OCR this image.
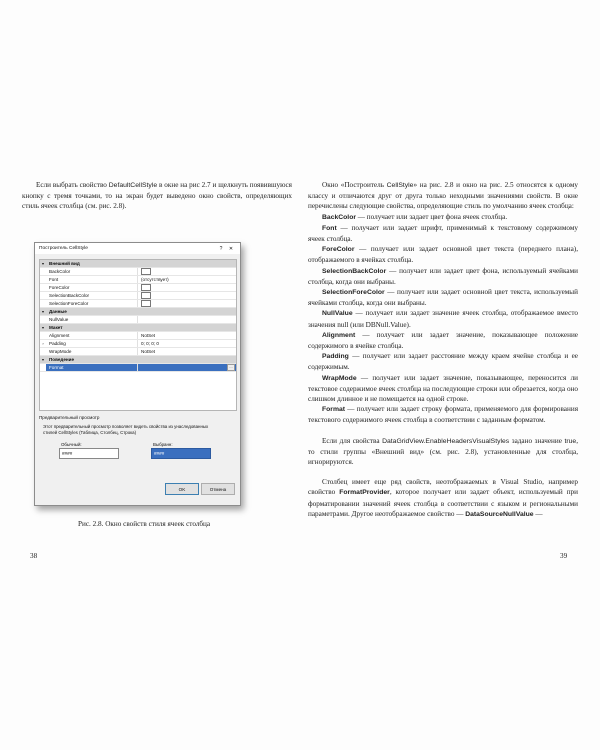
Если выбрать свойство DefaultCellStyle в окне на рис 2.7 и щелкнуть появившуюся кнопку с тремя точками, то на экран будет выведено окно свойств, определяющих стиль ячеек столбца (см. рис. 2.8).

Построитель CellStyle	?	✕
▾	Внешний вид
BackColor
Font	(отсутствует)
ForeColor
SelectionBackColor
SelectionForeColor
▾	Данные
NullValue
▾	Макет
Alignment	NotSet
›	Padding	0; 0; 0; 0
WrapMode	NotSet
▾	Поведение
Format	…
Предварительный просмотр
Этот предварительный просмотр позволяет видеть свойства из унаследованных стилей CellStyles (Таблица, Столбец, Строка)
Обычный:	Выбранн:
####	####
OK	Отмена
Рис. 2.8. Окно свойств стиля ячеек столбца

Окно «Построитель CellStyle» на рис. 2.8 и окно на рис. 2.5 относятся к одному классу и отличаются друг от друга только неходными значениями свойств. В окне перечислены следующие свойства, определяющие стиль по умолчанию ячеек столбца:

BackColor — получает или задает цвет фона ячеек столбца.

Font — получает или задает шрифт, применимый к текстовому содержимому ячеек столбца.

ForeColor — получает или задает основной цвет текста (переднего плана), отображаемого в ячейках столбца.

SelectionBackColor — получает или задает цвет фона, используемый ячейками столбца, когда они выбраны.

SelectionForeColor — получает или задает основной цвет текста, используемый ячейками столбца, когда они выбраны.

NullValue — получает или задает значение ячеек столбца, отображаемое вместо значения null (или DBNull.Value).

Alignment — получает или задает значение, показывающее положение содержимого в ячейке столбца.

Padding — получает или задает расстояние между краем ячейке столбца и ее содержимым.

WrapMode — получает или задает значение, показывающее, переносится ли текстовое содержимое ячеек столбца на последующие строки или обрезается, когда оно слишком длинное и не помещается на одной строке.

Format — получает или задает строку формата, применяемого для формирования текстового содержимого ячеек столбца в соответствии с заданным форматом.

Если для свойства DataGridView.EnableHeadersVisualStyles задано значение true, то стили группы «Внешний вид» (см. рис. 2.8), установленные для столбца, игнорируются.

Столбец имеет еще ряд свойств, неотображаемых в Visual Studio, например свойство FormatProvider, которое получает или задает объект, используемый при форматировании значений ячеек столбца в соответствии с языком и региональными параметрами. Другое неотображаемое свойство — DataSourceNullValue —

38	39
